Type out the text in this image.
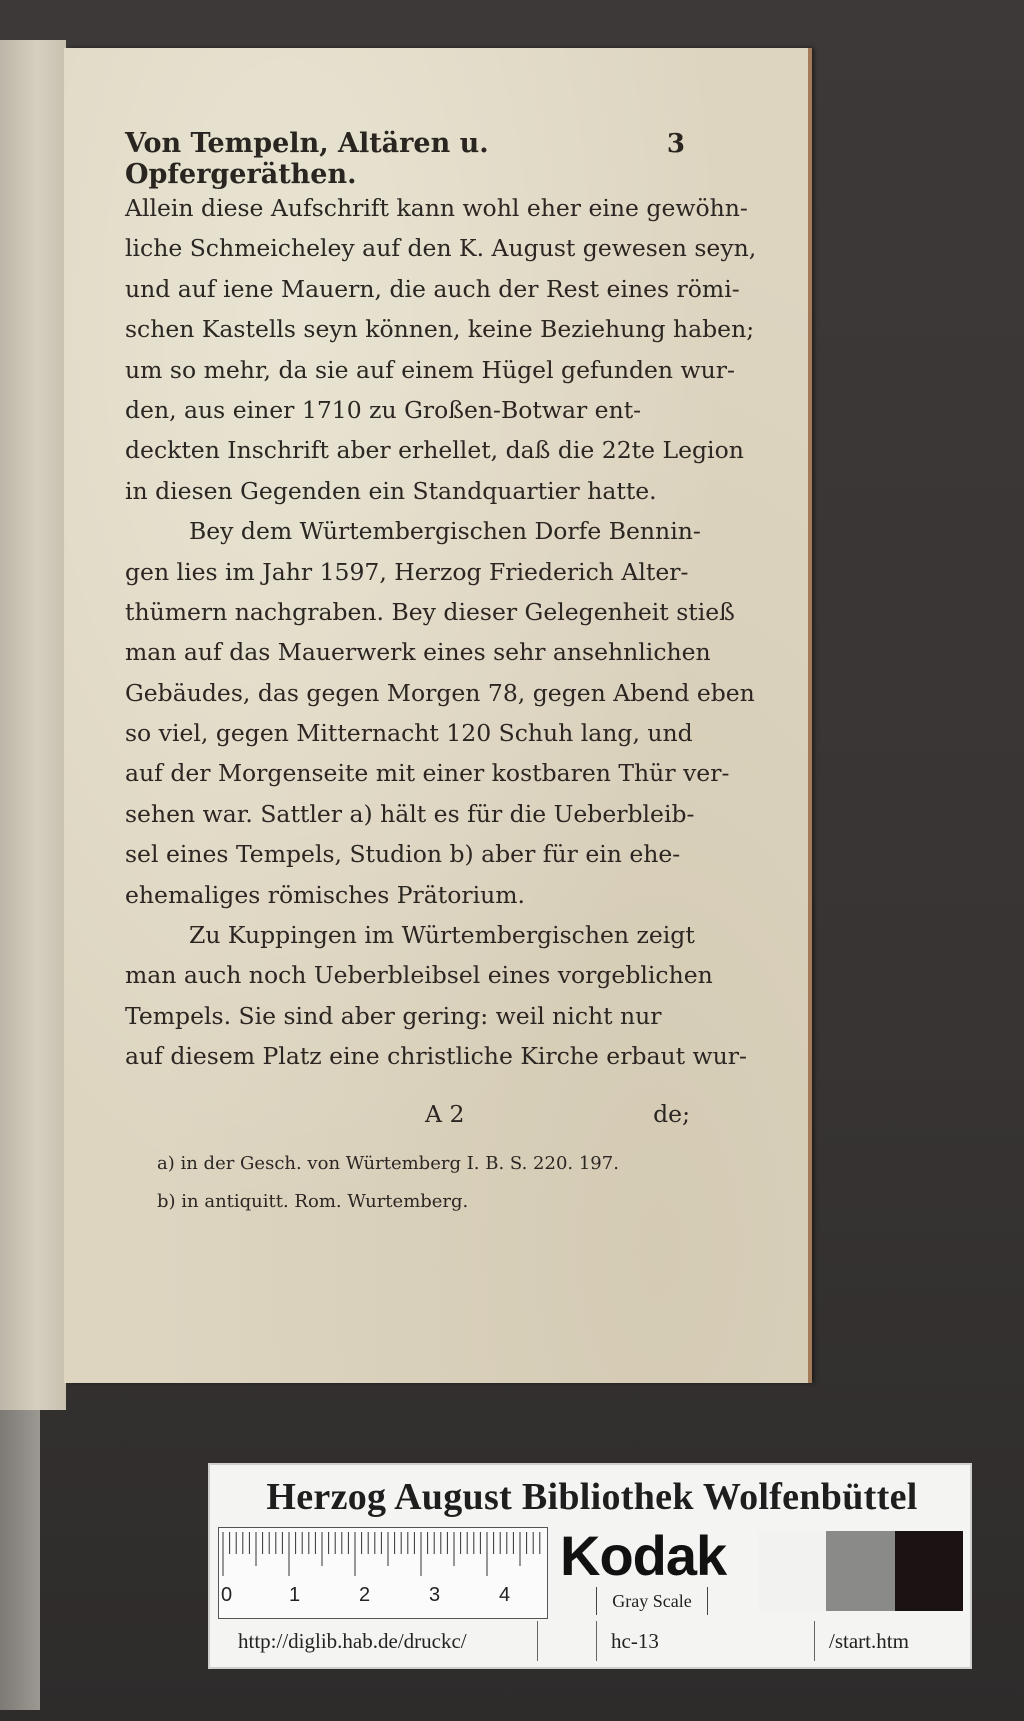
Von Tempeln, Altären u. Opfergeräthen.
3
Allein diese Aufschrift kann wohl eher eine gewöhn-
liche Schmeicheley auf den K. August gewesen seyn,
und auf iene Mauern, die auch der Rest eines römi-
schen Kastells seyn können, keine Beziehung haben;
um so mehr, da sie auf einem Hügel gefunden wur-
den, aus einer 1710 zu Großen-Botwar ent-
deckten Inschrift aber erhellet, daß die 22te Legion
in diesen Gegenden ein Standquartier hatte.
Bey dem Würtembergischen Dorfe Bennin-
gen lies im Jahr 1597, Herzog Friederich Alter-
thümern nachgraben. Bey dieser Gelegenheit stieß
man auf das Mauerwerk eines sehr ansehnlichen
Gebäudes, das gegen Morgen 78, gegen Abend eben
so viel, gegen Mitternacht 120 Schuh lang, und
auf der Morgenseite mit einer kostbaren Thür ver-
sehen war. Sattler a) hält es für die Ueberbleib-
sel eines Tempels, Studion b) aber für ein ehe-
ehemaliges römisches Prätorium.
Zu Kuppingen im Würtembergischen zeigt
man auch noch Ueberbleibsel eines vorgeblichen
Tempels. Sie sind aber gering: weil nicht nur
auf diesem Platz eine christliche Kirche erbaut wur-
A 2	de;
a) in der Gesch. von Würtemberg I. B. S. 220. 197.
b) in antiquitt. Rom. Wurtemberg.
Herzog August Bibliothek Wolfenbüttel
0	1	2	3	4
Kodak
Gray Scale
http://diglib.hab.de/druckc/	hc-13	/start.htm
